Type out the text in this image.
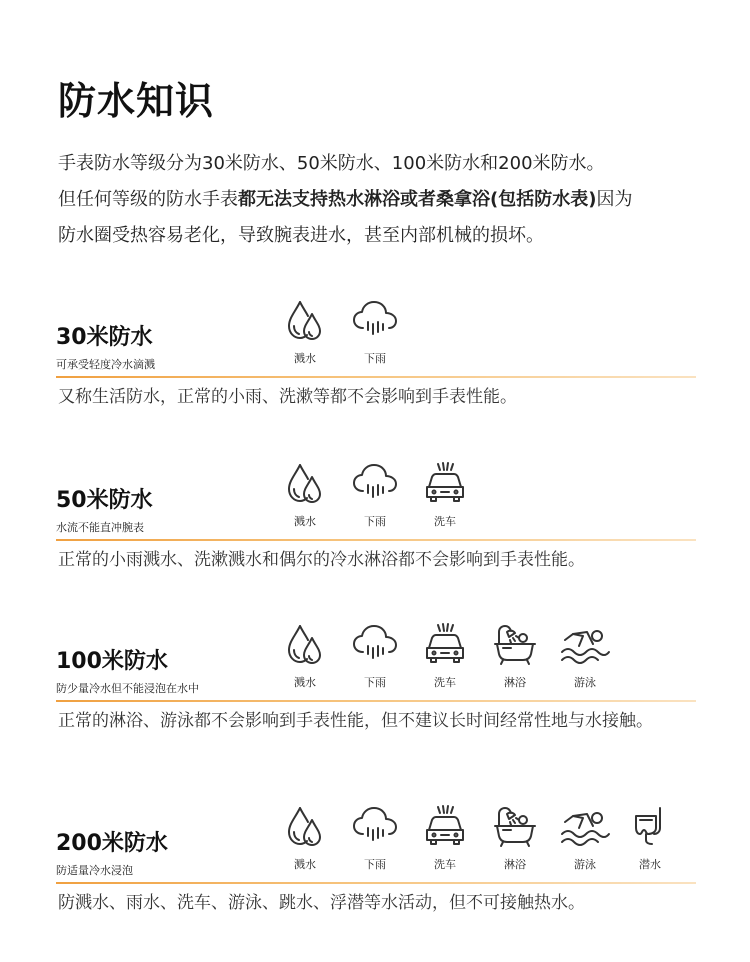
防水知识
手表防水等级分为30米防水、50米防水、100米防水和200米防水。
但任何等级的防水手表都无法支持热水淋浴或者桑拿浴(包括防水表)因为
防水圈受热容易老化，导致腕表进水，甚至内部机械的损坏。
30米防水
可承受轻度冷水滴溅
又称生活防水，正常的小雨、洗漱等都不会影响到手表性能。
溅水	下雨
50米防水
水流不能直冲腕表
正常的小雨溅水、洗漱溅水和偶尔的冷水淋浴都不会影响到手表性能。
溅水	下雨	洗车
100米防水
防少量冷水但不能浸泡在水中
正常的淋浴、游泳都不会影响到手表性能，但不建议长时间经常性地与水接触。
溅水	下雨	洗车	淋浴	游泳
200米防水
防适量冷水浸泡
防溅水、雨水、洗车、游泳、跳水、浮潜等水活动，但不可接触热水。
溅水	下雨	洗车	淋浴	游泳	潜水
